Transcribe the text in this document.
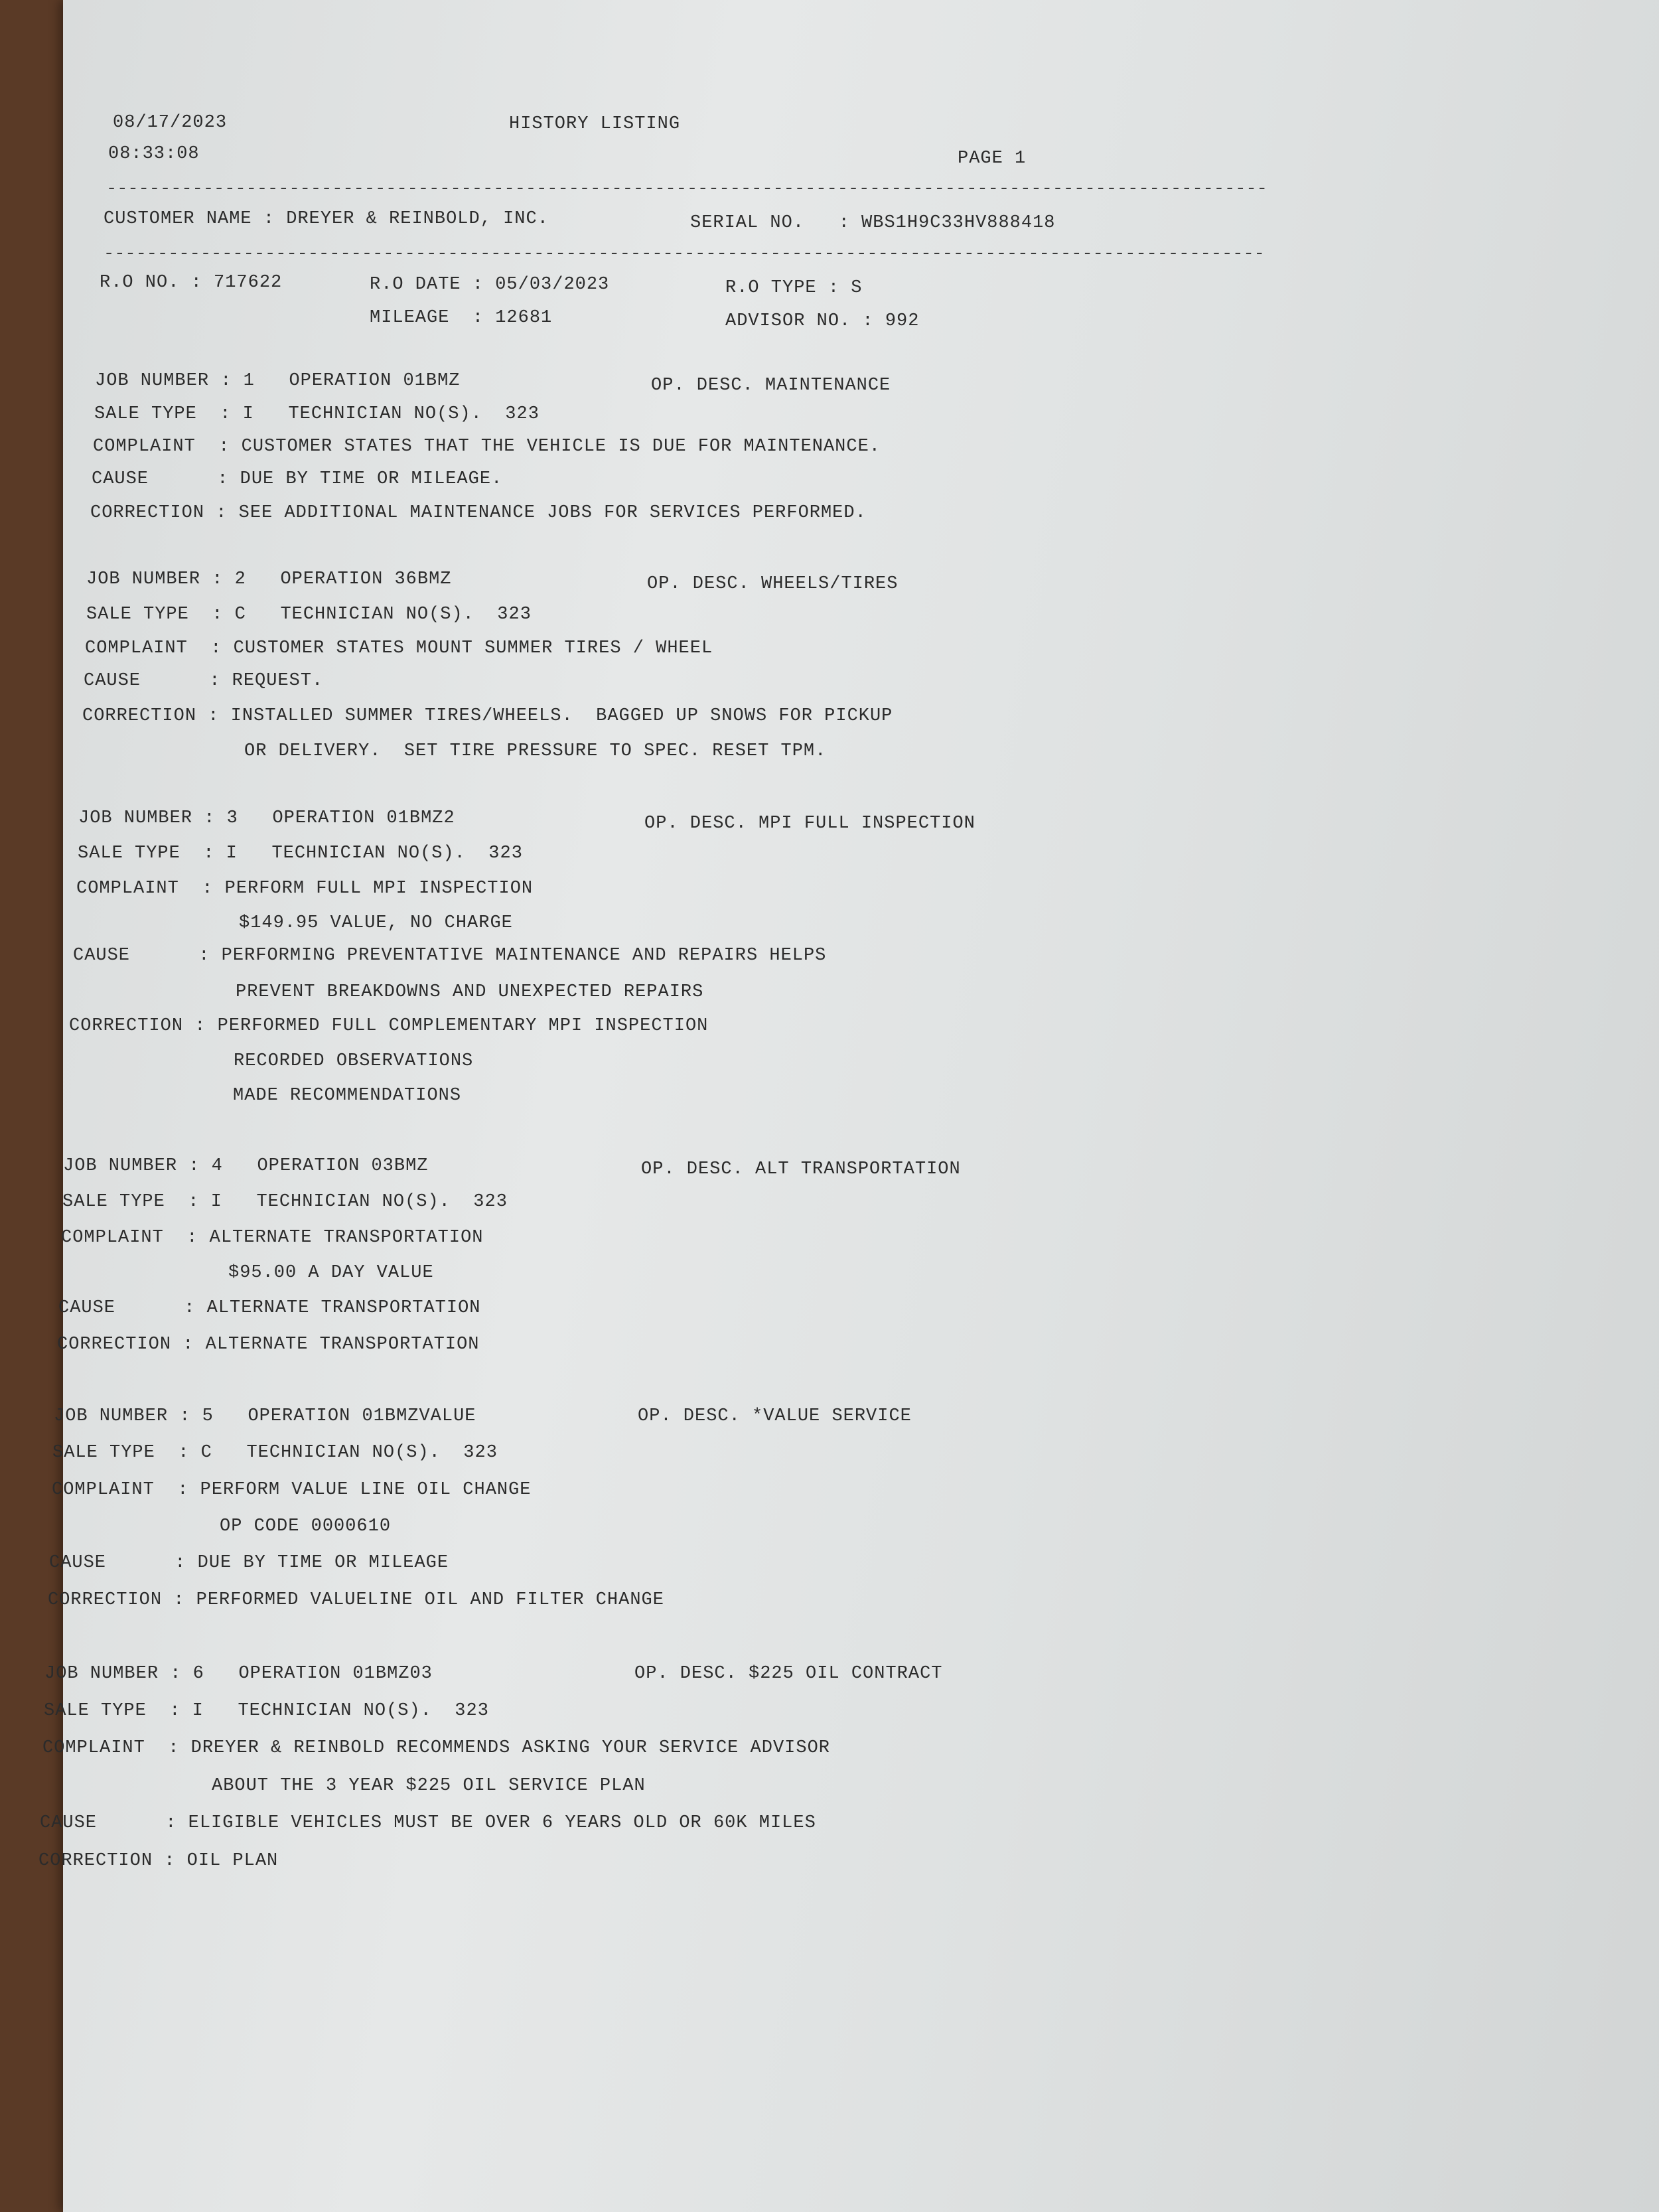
08/17/2023	HISTORY LISTING
08:33:08	PAGE 1
------------------------------------------------------------------------------------------------------------
CUSTOMER NAME : DREYER & REINBOLD, INC.	SERIAL NO.   : WBS1H9C33HV888418
------------------------------------------------------------------------------------------------------------
R.O NO. : 717622	R.O DATE : 05/03/2023	R.O TYPE : S
MILEAGE  : 12681	ADVISOR NO. : 992
JOB NUMBER : 1   OPERATION 01BMZ	OP. DESC. MAINTENANCE
SALE TYPE  : I   TECHNICIAN NO(S).  323
COMPLAINT  : CUSTOMER STATES THAT THE VEHICLE IS DUE FOR MAINTENANCE.
CAUSE      : DUE BY TIME OR MILEAGE.
CORRECTION : SEE ADDITIONAL MAINTENANCE JOBS FOR SERVICES PERFORMED.
JOB NUMBER : 2   OPERATION 36BMZ	OP. DESC. WHEELS/TIRES
SALE TYPE  : C   TECHNICIAN NO(S).  323
COMPLAINT  : CUSTOMER STATES MOUNT SUMMER TIRES / WHEEL
CAUSE      : REQUEST.
CORRECTION : INSTALLED SUMMER TIRES/WHEELS.  BAGGED UP SNOWS FOR PICKUP
OR DELIVERY.  SET TIRE PRESSURE TO SPEC. RESET TPM.
JOB NUMBER : 3   OPERATION 01BMZ2	OP. DESC. MPI FULL INSPECTION
SALE TYPE  : I   TECHNICIAN NO(S).  323
COMPLAINT  : PERFORM FULL MPI INSPECTION
$149.95 VALUE, NO CHARGE
CAUSE      : PERFORMING PREVENTATIVE MAINTENANCE AND REPAIRS HELPS
PREVENT BREAKDOWNS AND UNEXPECTED REPAIRS
CORRECTION : PERFORMED FULL COMPLEMENTARY MPI INSPECTION
RECORDED OBSERVATIONS
MADE RECOMMENDATIONS
JOB NUMBER : 4   OPERATION 03BMZ	OP. DESC. ALT TRANSPORTATION
SALE TYPE  : I   TECHNICIAN NO(S).  323
COMPLAINT  : ALTERNATE TRANSPORTATION
$95.00 A DAY VALUE
CAUSE      : ALTERNATE TRANSPORTATION
CORRECTION : ALTERNATE TRANSPORTATION
JOB NUMBER : 5   OPERATION 01BMZVALUE	OP. DESC. *VALUE SERVICE
SALE TYPE  : C   TECHNICIAN NO(S).  323
COMPLAINT  : PERFORM VALUE LINE OIL CHANGE
OP CODE 0000610
CAUSE      : DUE BY TIME OR MILEAGE
CORRECTION : PERFORMED VALUELINE OIL AND FILTER CHANGE
JOB NUMBER : 6   OPERATION 01BMZ03	OP. DESC. $225 OIL CONTRACT
SALE TYPE  : I   TECHNICIAN NO(S).  323
COMPLAINT  : DREYER & REINBOLD RECOMMENDS ASKING YOUR SERVICE ADVISOR
ABOUT THE 3 YEAR $225 OIL SERVICE PLAN
CAUSE      : ELIGIBLE VEHICLES MUST BE OVER 6 YEARS OLD OR 60K MILES
CORRECTION : OIL PLAN
